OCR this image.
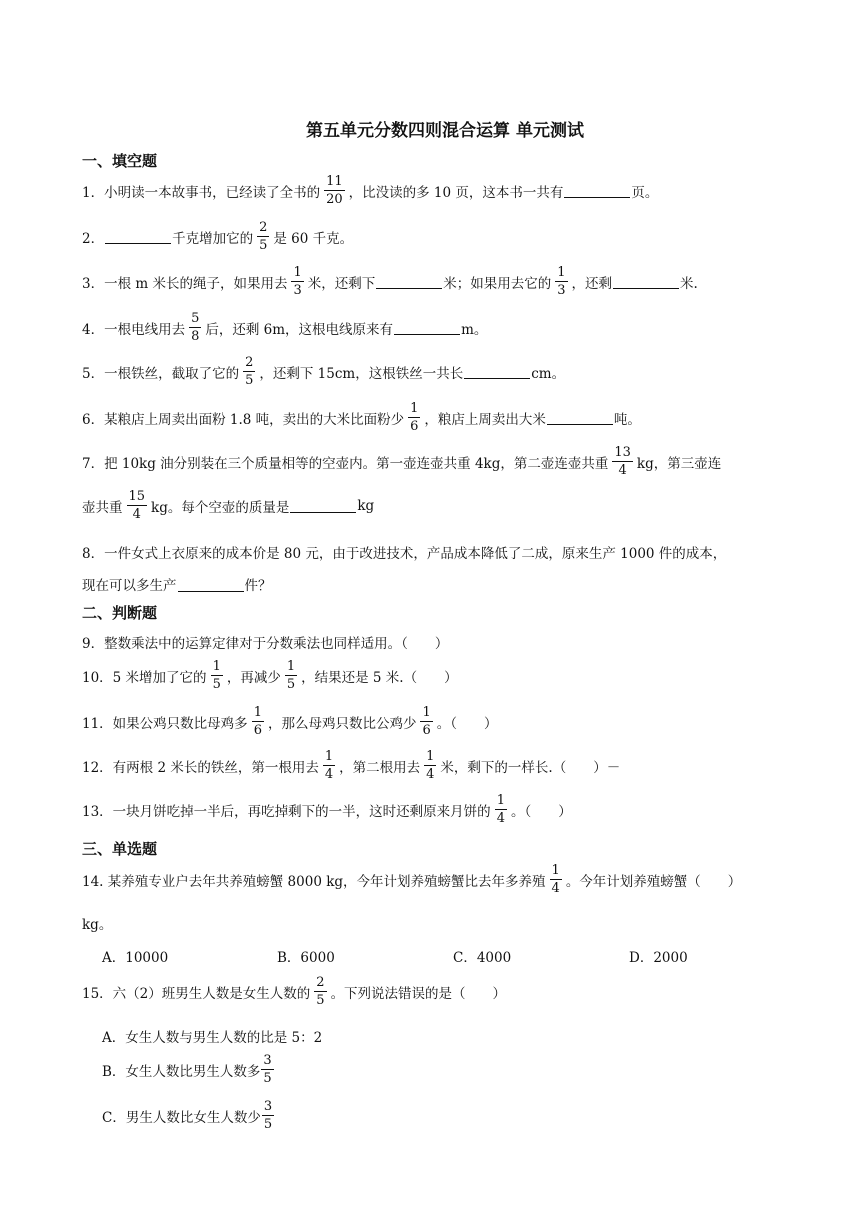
第五单元分数四则混合运算 单元测试
一、填空题
1．小明读一本故事书，已经读了全书的 $\frac{11}{20}$ ，比没读的多 10 页，这本书一共有	页。
2．	千克增加它的 $\frac{2}{5}$ 是 60 千克。
3．一根 m 米长的绳子，如果用去 $\frac{1}{3}$ 米，还剩下	米；如果用去它的 $\frac{1}{3}$ ，还剩	米.
4．一根电线用去 $\frac{5}{8}$ 后，还剩 6m，这根电线原来有	m。
5．一根铁丝，截取了它的 $\frac{2}{5}$ ，还剩下 15cm，这根铁丝一共长	cm。
6．某粮店上周卖出面粉 1.8 吨，卖出的大米比面粉少 $\frac{1}{6}$ ，粮店上周卖出大米	吨。
7．把 10kg 油分别装在三个质量相等的空壶内。第一壶连壶共重 4kg，第二壶连壶共重 $\frac{13}{4}$ kg，第三壶连
壶共重 $\frac{15}{4}$ kg。每个空壶的质量是	kg
8．一件女式上衣原来的成本价是 80 元，由于改进技术，产品成本降低了二成，原来生产 1000 件的成本，
现在可以多生产	件？
二、判断题
9．整数乘法中的运算定律对于分数乘法也同样适用。（　　）
10．5 米增加了它的 $\frac{1}{5}$ ，再减少 $\frac{1}{5}$ ，结果还是 5 米.（　　）
11．如果公鸡只数比母鸡多 $\frac{1}{6}$ ，那么母鸡只数比公鸡少 $\frac{1}{6}$ 。（　　）
12．有两根 2 米长的铁丝，第一根用去 $\frac{1}{4}$ ，第二根用去 $\frac{1}{4}$ 米，剩下的一样长.（　　）－
13．一块月饼吃掉一半后，再吃掉剩下的一半，这时还剩原来月饼的 $\frac{1}{4}$ 。（　　）
三、单选题
14. 某养殖专业户去年共养殖螃蟹 8000 kg，今年计划养殖螃蟹比去年多养殖 $\frac{1}{4}$ 。今年计划养殖螃蟹（　　）
kg。
A．10000	B．6000	C．4000	D．2000
15．六（2）班男生人数是女生人数的 $\frac{2}{5}$ 。下列说法错误的是（　　）
A．女生人数与男生人数的比是 5：2
B．女生人数比男生人数多 $\frac{3}{5}$
C．男生人数比女生人数少 $\frac{3}{5}$
